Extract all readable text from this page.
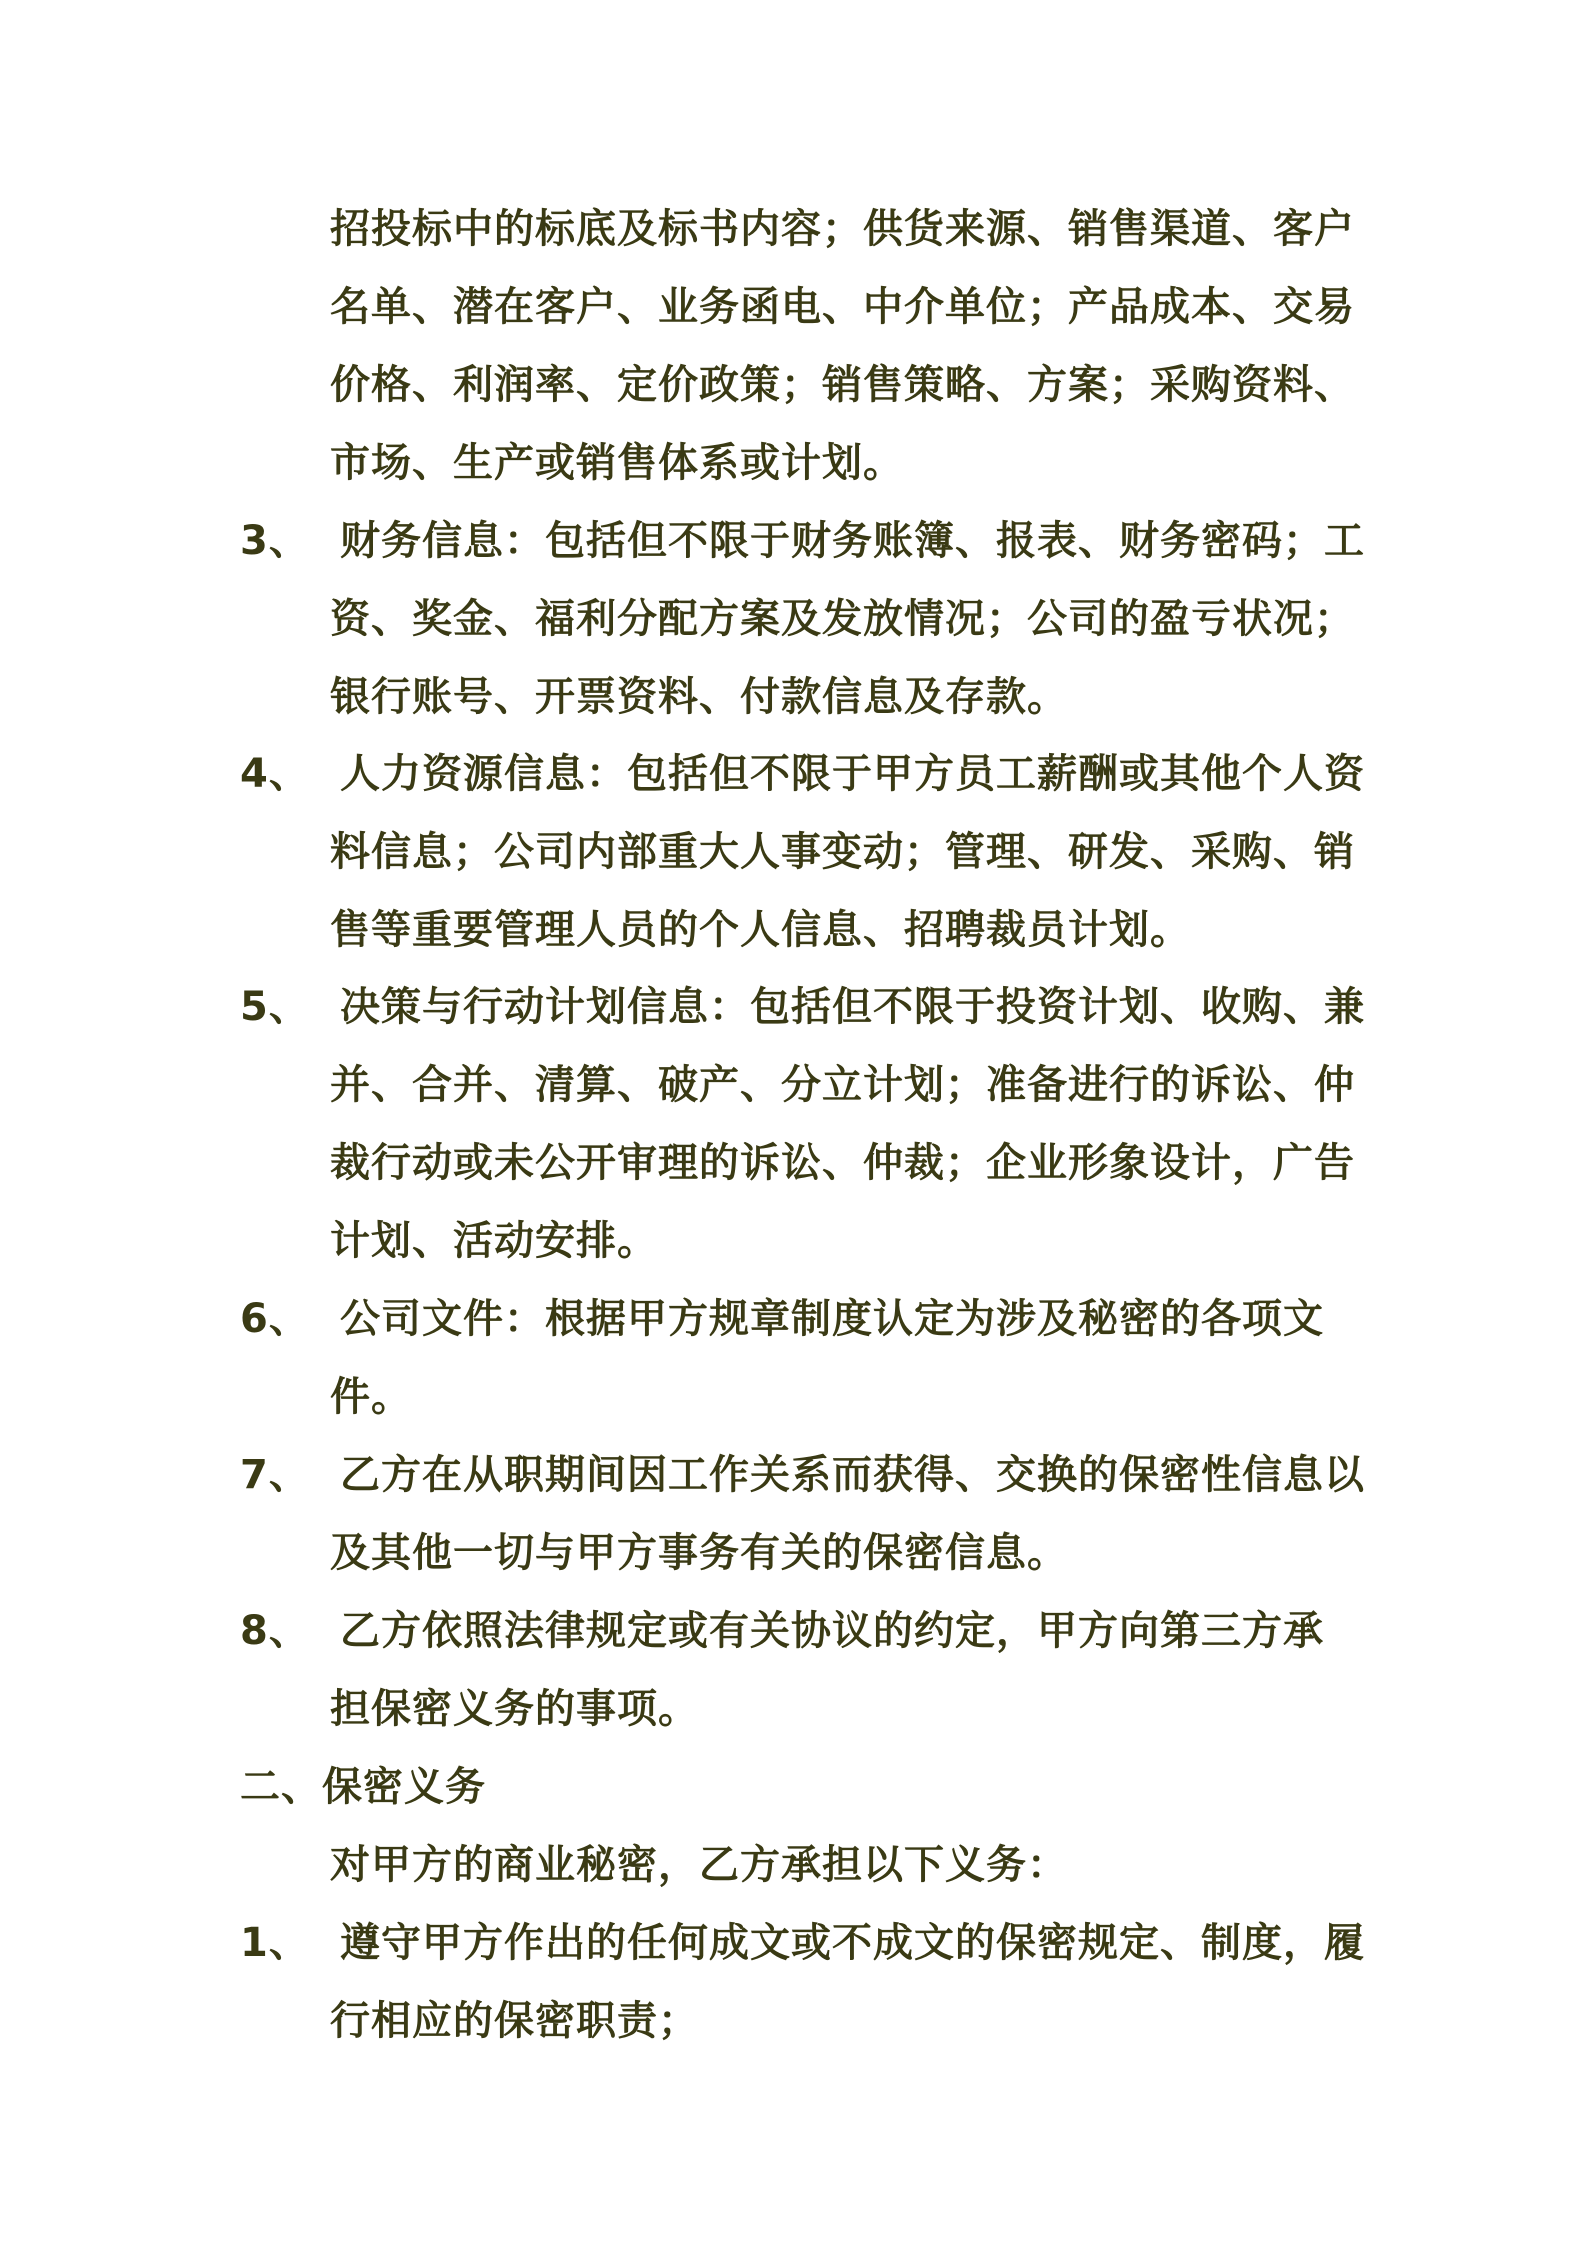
招投标中的标底及标书内容；供货来源、销售渠道、客户
名单、潜在客户、业务函电、中介单位；产品成本、交易
价格、利润率、定价政策；销售策略、方案；采购资料、
市场、生产或销售体系或计划。
3、 财务信息：包括但不限于财务账簿、报表、财务密码；工
资、奖金、福利分配方案及发放情况；公司的盈亏状况；
银行账号、开票资料、付款信息及存款。
4、 人力资源信息：包括但不限于甲方员工薪酬或其他个人资
料信息；公司内部重大人事变动；管理、研发、采购、销
售等重要管理人员的个人信息、招聘裁员计划。
5、 决策与行动计划信息：包括但不限于投资计划、收购、兼
并、合并、清算、破产、分立计划；准备进行的诉讼、仲
裁行动或未公开审理的诉讼、仲裁；企业形象设计，广告
计划、活动安排。
6、 公司文件：根据甲方规章制度认定为涉及秘密的各项文
件。
7、 乙方在从职期间因工作关系而获得、交换的保密性信息以
及其他一切与甲方事务有关的保密信息。
8、 乙方依照法律规定或有关协议的约定，甲方向第三方承
担保密义务的事项。
二、保密义务
对甲方的商业秘密，乙方承担以下义务：
1、 遵守甲方作出的任何成文或不成文的保密规定、制度，履
行相应的保密职责；
